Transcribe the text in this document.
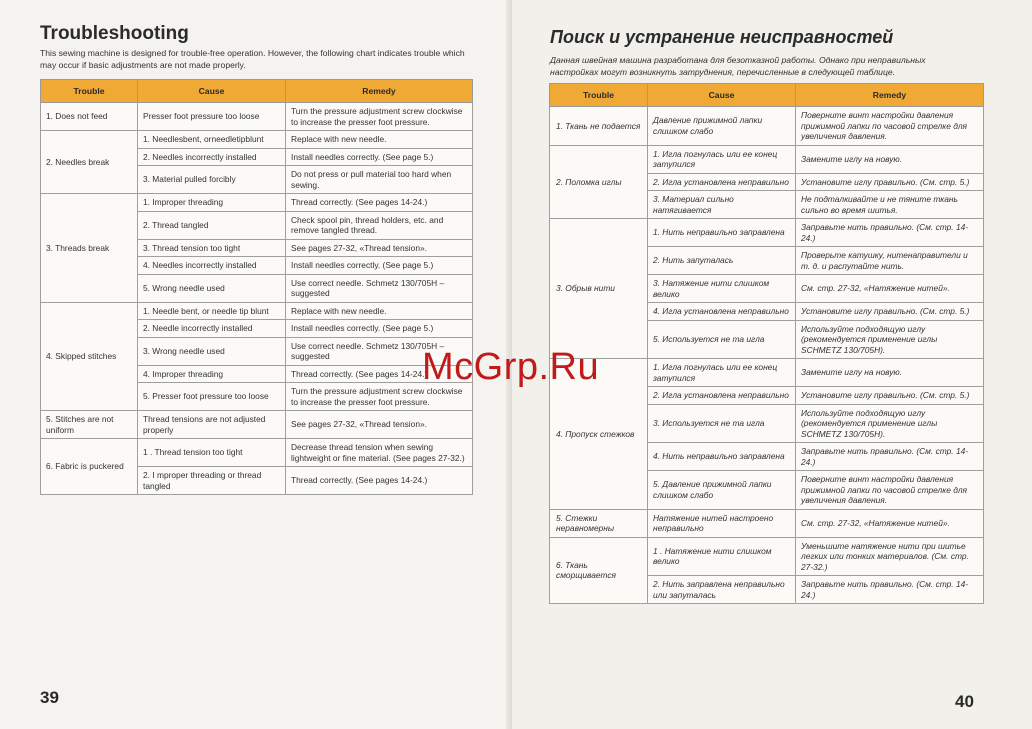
Troubleshooting
This sewing machine is designed for trouble-free operation. However, the following chart indicates trouble which may occur if basic adjustments are not made properly.
Trouble	Cause	Remedy
1. Does not feed	Presser foot pressure too loose	Turn the pressure adjustment screw clockwise to increase the presser foot pressure.
2. Needles break	1. Needlesbent, orneedletipblunt	Replace with new needle.
	2. Needles incorrectly installed	Install needles correctly. (See page 5.)
	3. Material pulled forcibly	Do not press or pull material too hard when sewing.
3. Threads break	1. Improper threading	Thread correctly. (See pages 14-24.)
	2. Thread tangled	Check spool pin, thread holders, etc. and remove tangled thread.
	3. Thread tension too tight	See pages 27-32, «Thread tension».
	4. Needles incorrectly installed	Install needles correctly. (See page 5.)
	5. Wrong needle used	Use correct needle. Schmetz 130/705H – suggested
4. Skipped stitches	1. Needle bent, or needle tip blunt	Replace with new needle.
	2. Needle incorrectly installed	Install needles correctly. (See page 5.)
	3. Wrong needle used	Use correct needle. Schmetz 130/705H – suggested
	4. Improper threading	Thread correctly. (See pages 14-24.)
	5. Presser foot pressure too loose	Turn the pressure adjustment screw clockwise to increase the presser foot pressure.
5. Stitches are not uniform	Thread tensions are not adjusted properly	See pages 27-32, «Thread tension».
6. Fabric is puckered	1 . Thread tension too tight	Decrease thread tension when sewing lightweight or fine material. (See pages 27-32.)
	2. I mproper threading or thread tangled	Thread correctly. (See pages 14-24.)
39
Поиск и устранение неисправностей
Данная швейная машина разработана для безотказной работы. Однако при неправильных настройках могут возникнуть затруднения, перечисленные в следующей таблице.
Trouble	Cause	Remedy
1. Ткань не подается	Давление прижимной лапки слишком слабо	Поверните винт настройки давления прижимной лапки по часовой стрелке для увеличения давления.
2. Поломка иглы	1. Игла погнулась или ее конец затупился	Замените иглу на новую.
	2. Игла установлена неправильно	Установите иглу правильно. (См. стр. 5.)
	3. Материал сильно натягивается	Не подталкивайте и не тяните ткань сильно во время шитья.
3. Обрыв нити	1. Нить неправильно заправлена	Заправьте нить правильно. (См. стр. 14-24.)
	2. Нить запуталась	Проверьте катушку, нитенаправители и т. д. и распутайте нить.
	3. Натяжение нити слишком велико	См. стр. 27-32, «Натяжение нитей».
	4. Игла установлена неправильно	Установите иглу правильно. (См. стр. 5.)
	5. Используется не та игла	Используйте подходящую иглу (рекомендуется применение иглы SCHMETZ 130/705H).
4. Пропуск стежков	1. Игла погнулась или ее конец затупился	Замените иглу на новую.
	2. Игла установлена неправильно	Установите иглу правильно. (См. стр. 5.)
	3. Используется не та игла	Используйте подходящую иглу (рекомендуется применение иглы SCHMETZ 130/705H).
	4. Нить неправильно заправлена	Заправьте нить правильно. (См. стр. 14-24.)
	5. Давление прижимной лапки слишком слабо	Поверните винт настройки давления прижимной лапки по часовой стрелке для увеличения давления.
5. Стежки неравномерны	Натяжение нитей настроено неправильно	См. стр. 27-32, «Натяжение нитей».
6. Ткань сморщивается	1 . Натяжение нити слишком велико	Уменьшите натяжение нити при шитье легких или тонких материалов. (См. стр. 27-32.)
	2. Нить заправлена неправильно или запуталась	Заправьте нить правильно. (См. стр. 14-24.)
40
McGrp.Ru
